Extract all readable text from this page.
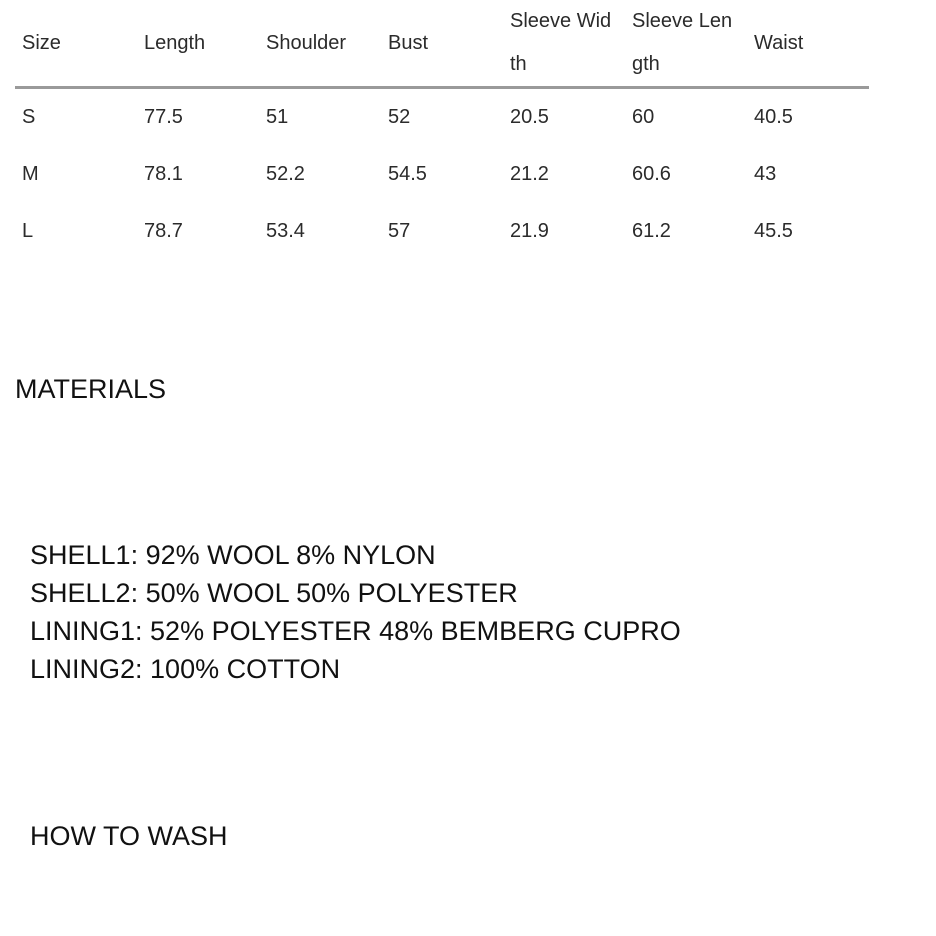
Size	Length	Shoulder	Bust	Sleeve Width	Sleeve Length	Waist

S	77.5	51	52	20.5	60	40.5
M	78.1	52.2	54.5	21.2	60.6	43
L	78.7	53.4	57	21.9	61.2	45.5
MATERIALS
SHELL1: 92% WOOL 8% NYLON
SHELL2: 50% WOOL 50% POLYESTER
LINING1: 52% POLYESTER 48% BEMBERG CUPRO
LINING2: 100% COTTON
HOW TO WASH
